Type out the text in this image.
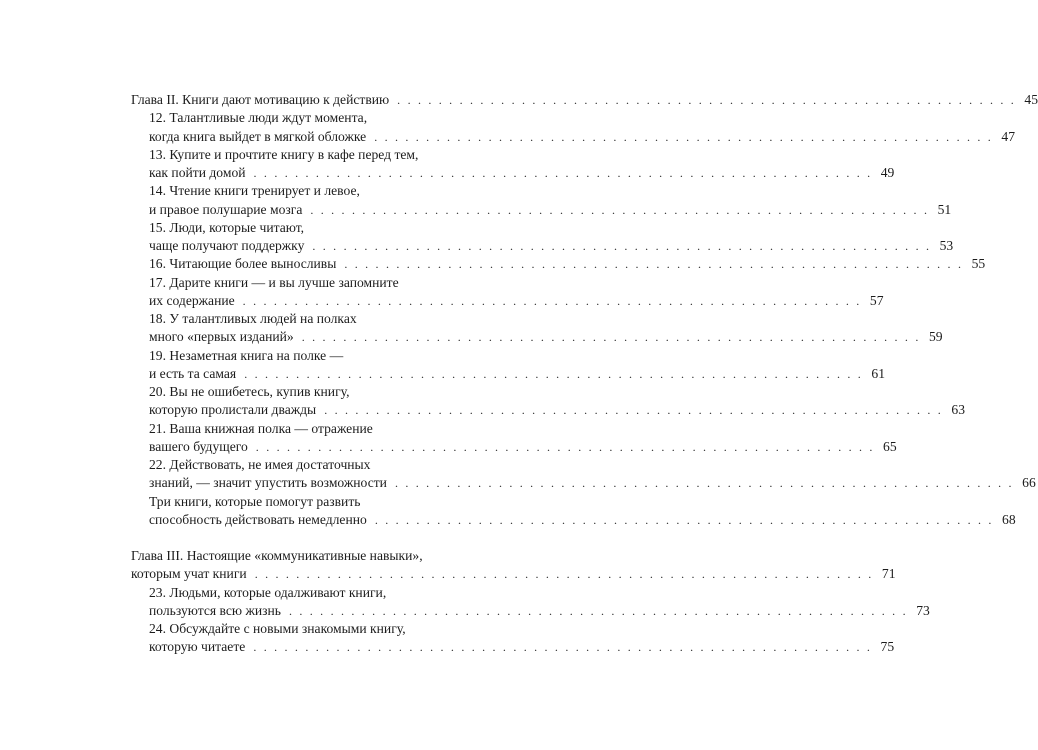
Глава II. Книги дают мотивацию к действию . . . . . . . . . . . . . . . . . . . . . . . . . . . . . . . . . . . . . . . . . . . . . . . . . . . . . . . . . . . . 45
12. Талантливые люди ждут момента,
когда книга выйдет в мягкой обложке . . . . . . . . . . . . . . . . . . . . . . . . . . . . . . . . . . . . . . . . . . . . . . . . . . . . . . . . . . . . 47
13. Купите и прочтите книгу в кафе перед тем,
как пойти домой . . . . . . . . . . . . . . . . . . . . . . . . . . . . . . . . . . . . . . . . . . . . . . . . . . . . . . . . . . . . 49
14. Чтение книги тренирует и левое,
и правое полушарие мозга . . . . . . . . . . . . . . . . . . . . . . . . . . . . . . . . . . . . . . . . . . . . . . . . . . . . . . . . . . . . 51
15. Люди, которые читают,
чаще получают поддержку . . . . . . . . . . . . . . . . . . . . . . . . . . . . . . . . . . . . . . . . . . . . . . . . . . . . . . . . . . . . 53
16. Читающие более выносливы . . . . . . . . . . . . . . . . . . . . . . . . . . . . . . . . . . . . . . . . . . . . . . . . . . . . . . . . . . . . 55
17. Дарите книги — и вы лучше запомните
их содержание . . . . . . . . . . . . . . . . . . . . . . . . . . . . . . . . . . . . . . . . . . . . . . . . . . . . . . . . . . . . 57
18. У талантливых людей на полках
много «первых изданий» . . . . . . . . . . . . . . . . . . . . . . . . . . . . . . . . . . . . . . . . . . . . . . . . . . . . . . . . . . . . 59
19. Незаметная книга на полке —
и есть та самая . . . . . . . . . . . . . . . . . . . . . . . . . . . . . . . . . . . . . . . . . . . . . . . . . . . . . . . . . . . . 61
20. Вы не ошибетесь, купив книгу,
которую пролистали дважды . . . . . . . . . . . . . . . . . . . . . . . . . . . . . . . . . . . . . . . . . . . . . . . . . . . . . . . . . . . . 63
21. Ваша книжная полка — отражение
вашего будущего . . . . . . . . . . . . . . . . . . . . . . . . . . . . . . . . . . . . . . . . . . . . . . . . . . . . . . . . . . . . 65
22. Действовать, не имея достаточных
знаний, — значит упустить возможности . . . . . . . . . . . . . . . . . . . . . . . . . . . . . . . . . . . . . . . . . . . . . . . . . . . . . . . . . . . . 66
Три книги, которые помогут развить
способность действовать немедленно . . . . . . . . . . . . . . . . . . . . . . . . . . . . . . . . . . . . . . . . . . . . . . . . . . . . . . . . . . . . 68
Глава III. Настоящие «коммуникативные навыки»,
которым учат книги . . . . . . . . . . . . . . . . . . . . . . . . . . . . . . . . . . . . . . . . . . . . . . . . . . . . . . . . . . . . 71
23. Людьми, которые одалживают книги,
пользуются всю жизнь . . . . . . . . . . . . . . . . . . . . . . . . . . . . . . . . . . . . . . . . . . . . . . . . . . . . . . . . . . . . 73
24. Обсуждайте с новыми знакомыми книгу,
которую читаете . . . . . . . . . . . . . . . . . . . . . . . . . . . . . . . . . . . . . . . . . . . . . . . . . . . . . . . . . . . . 75
